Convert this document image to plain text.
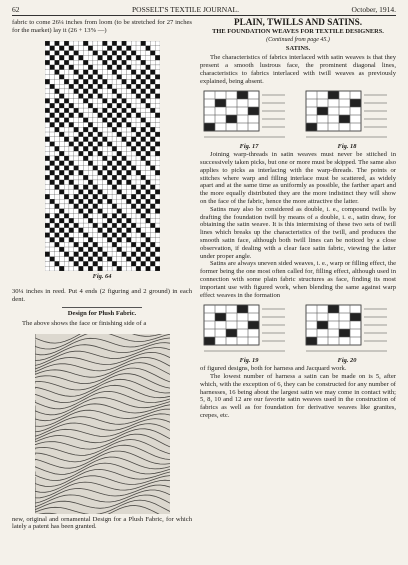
62	POSSELT'S TEXTILE JOURNAL.	October, 1914.

fabric to come 26¼ inches from loom (to be stretched for 27 inches for the market) lay it (26 + 13% —)

Fig. 64

30¼ inches in reed. Put 4 ends (2 figuring and 2 ground) in each dent.

Design for Plush Fabric.

The above shows the face or finishing side of a

new, original and ornamental Design for a Plush Fabric, for which lately a patent has been granted.

PLAIN, TWILLS AND SATINS.

THE FOUNDATION WEAVES FOR TEXTILE DESIGNERS.

(Continued from page 45.)

SATINS.

The characteristics of fabrics interlaced with satin weaves is that they present a smooth lustrous face, the prominent diagonal lines, characteristics to fabrics interlaced with twill weaves as previously explained, being absent.

Fig. 17	Fig. 18

Joining warp-threads in satin weaves must never be stitched in successively taken picks, but one or more must be skipped. The same also applies to picks as interlacing with the warp-threads. The points or stitches where warp and filling interlace must be scattered, as widely apart and at the same time as uniformly as possible, the farther apart and the more equally distributed they are the more indistinct they will show on the face of the fabric, hence the more attractive the latter.

Satins may also be considered as double, i. e., compound twills by drafting the foundation twill by means of a double, i. e., satin draw, for obtaining the satin weave. It is this intermixing of these two sets of twill lines which breaks up the characteristics of the twill, and produces the smooth satin face, although both twill lines can be noticed by a close observation, if dealing with a clear face satin fabric, viewing the latter under proper angle.

Satins are always uneven sided weaves, i. e., warp or filling effect, the former being the one most often called for, filling effect, although used in connection with some plain fabric structures as face, finding its most important use with figured work, when blending the same against warp effect weaves in the formation

Fig. 19	Fig. 20

of figured designs, both for harness and Jacquard work.

The lowest number of harness a satin can be made on is 5, after which, with the exception of 6, they can be constructed for any number of harnesses, 16 being about the largest satin we may come in contact with; 5, 8, 10 and 12 are our favorite satin weaves used in the construction of fabrics as well as for foundation for derivative weaves like granites, crepes, etc.
